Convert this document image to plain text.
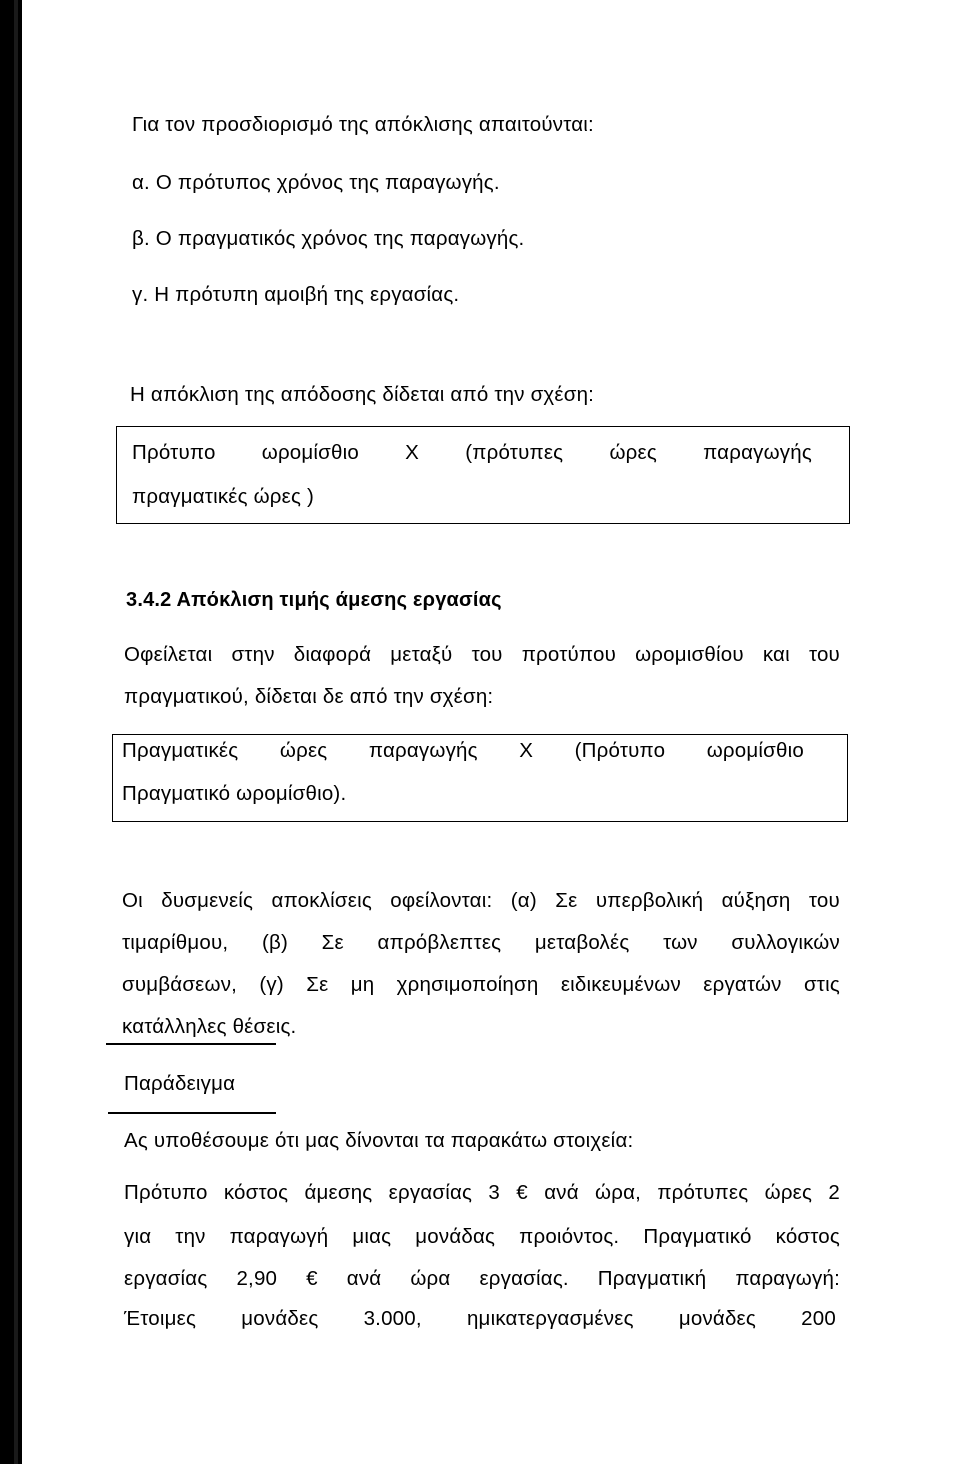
Για τον προσδιορισμό της απόκλισης απαιτούνται:
α. Ο πρότυπος χρόνος της παραγωγής.
β. Ο πραγματικός χρόνος της παραγωγής.
γ. Η πρότυπη αμοιβή της εργασίας.
Η απόκλιση της απόδοσης δίδεται από την σχέση:
Πρότυπο ωρομίσθιο Χ (πρότυπες ώρες παραγωγής
πραγματικές ώρες )
3.4.2 Απόκλιση τιμής άμεσης εργασίας
Οφείλεται στην διαφορά μεταξύ του προτύπου ωρομισθίου και του
πραγματικού, δίδεται δε από την σχέση:
Πραγματικές ώρες παραγωγής Χ (Πρότυπο ωρομίσθιο
Πραγματικό ωρομίσθιο).
Οι δυσμενείς αποκλίσεις οφείλονται: (α) Σε υπερβολική αύξηση του
τιμαρίθμου, (β) Σε απρόβλεπτες μεταβολές των συλλογικών
συμβάσεων, (γ) Σε μη χρησιμοποίηση ειδικευμένων εργατών στις
κατάλληλες θέσεις.
Παράδειγμα
Ας υποθέσουμε ότι μας δίνονται τα παρακάτω στοιχεία:
Πρότυπο κόστος άμεσης εργασίας 3 € ανά ώρα, πρότυπες ώρες 2
για την παραγωγή μιας μονάδας προιόντος. Πραγματικό κόστος
εργασίας 2,90 € ανά ώρα εργασίας. Πραγματική παραγωγή:
Έτοιμες μονάδες 3.000, ημικατεργασμένες μονάδες 200
